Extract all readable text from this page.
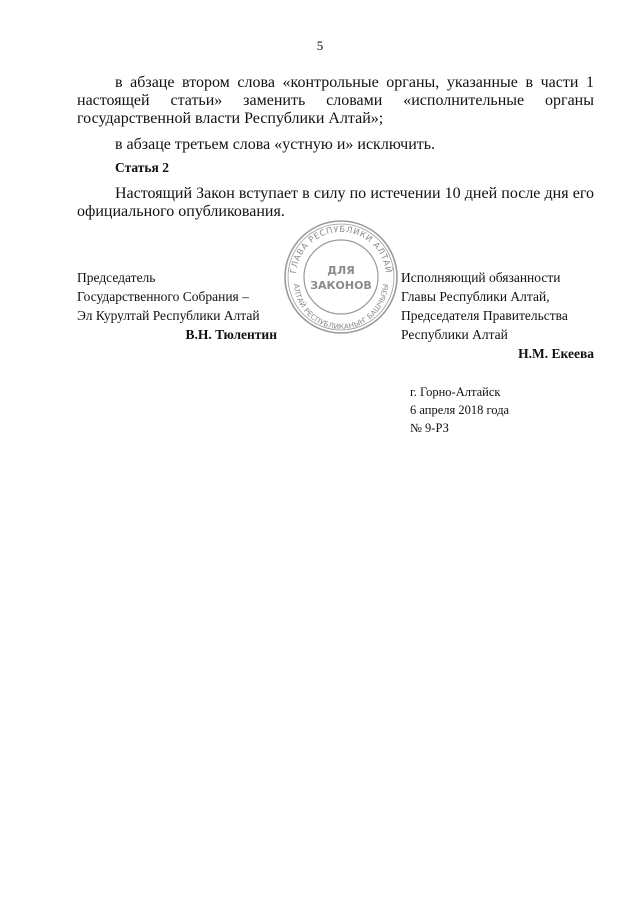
5

в абзаце втором слова «контрольные органы, указанные в части 1 настоящей статьи» заменить словами «исполнительные органы государственной власти Республики Алтай»;

в абзаце третьем слова «устную и» исключить.

Статья 2

Настоящий Закон вступает в силу по истечении 10 дней после дня его официального опубликования.

ГЛАВА РЕСПУБЛИКИ АЛТАЙ
АЛТАЙ РЕСПУБЛИКАНЫҤ БАШЧЫЗЫ
ДЛЯ
ЗАКОНОВ
Председатель
Государственного Собрания –
Эл Курултай Республики Алтай
В.Н. Тюлентин
Исполняющий обязанности
Главы Республики Алтай,
Председателя Правительства
Республики Алтай
Н.М. Екеева
г. Горно-Алтайск
6 апреля 2018 года
№ 9-РЗ
